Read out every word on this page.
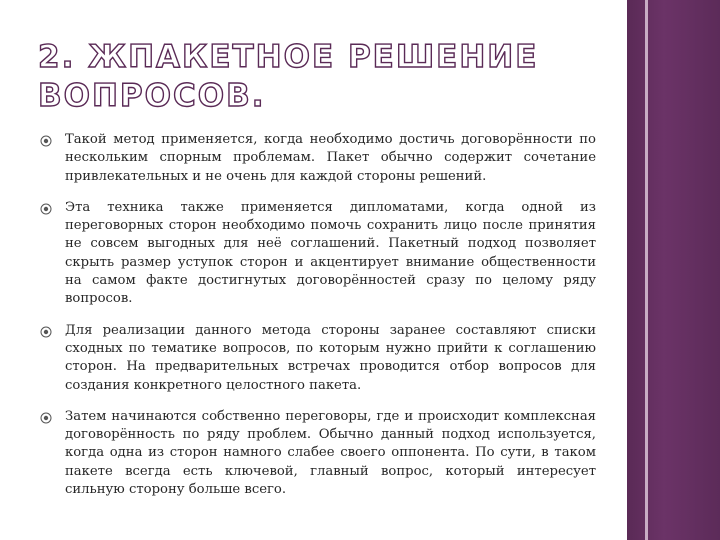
2. ЖПАКЕТНОЕ РЕШЕНИЕ
ВОПРОСОВ.

Такой метод применяется, когда необходимо достичь договорённости по нескольким спорным проблемам. Пакет обычно содержит сочетание привлекательных и не очень для каждой стороны решений.

Эта техника также применяется дипломатами, когда одной из переговорных сторон необходимо помочь сохранить лицо после принятия не совсем выгодных для неё соглашений. Пакетный подход позволяет скрыть размер уступок сторон и акцентирует внимание общественности на самом факте достигнутых договорённостей сразу по целому ряду вопросов.

Для реализации данного метода стороны заранее составляют списки сходных по тематике вопросов, по которым нужно прийти к соглашению сторон. На предварительных встречах проводится отбор вопросов для создания конкретного целостного пакета.

Затем начинаются собственно переговоры, где и происходит комплексная договорённость по ряду проблем. Обычно данный подход используется, когда одна из сторон намного слабее своего оппонента. По сути, в таком пакете всегда есть ключевой, главный вопрос, который интересует сильную сторону больше всего.
